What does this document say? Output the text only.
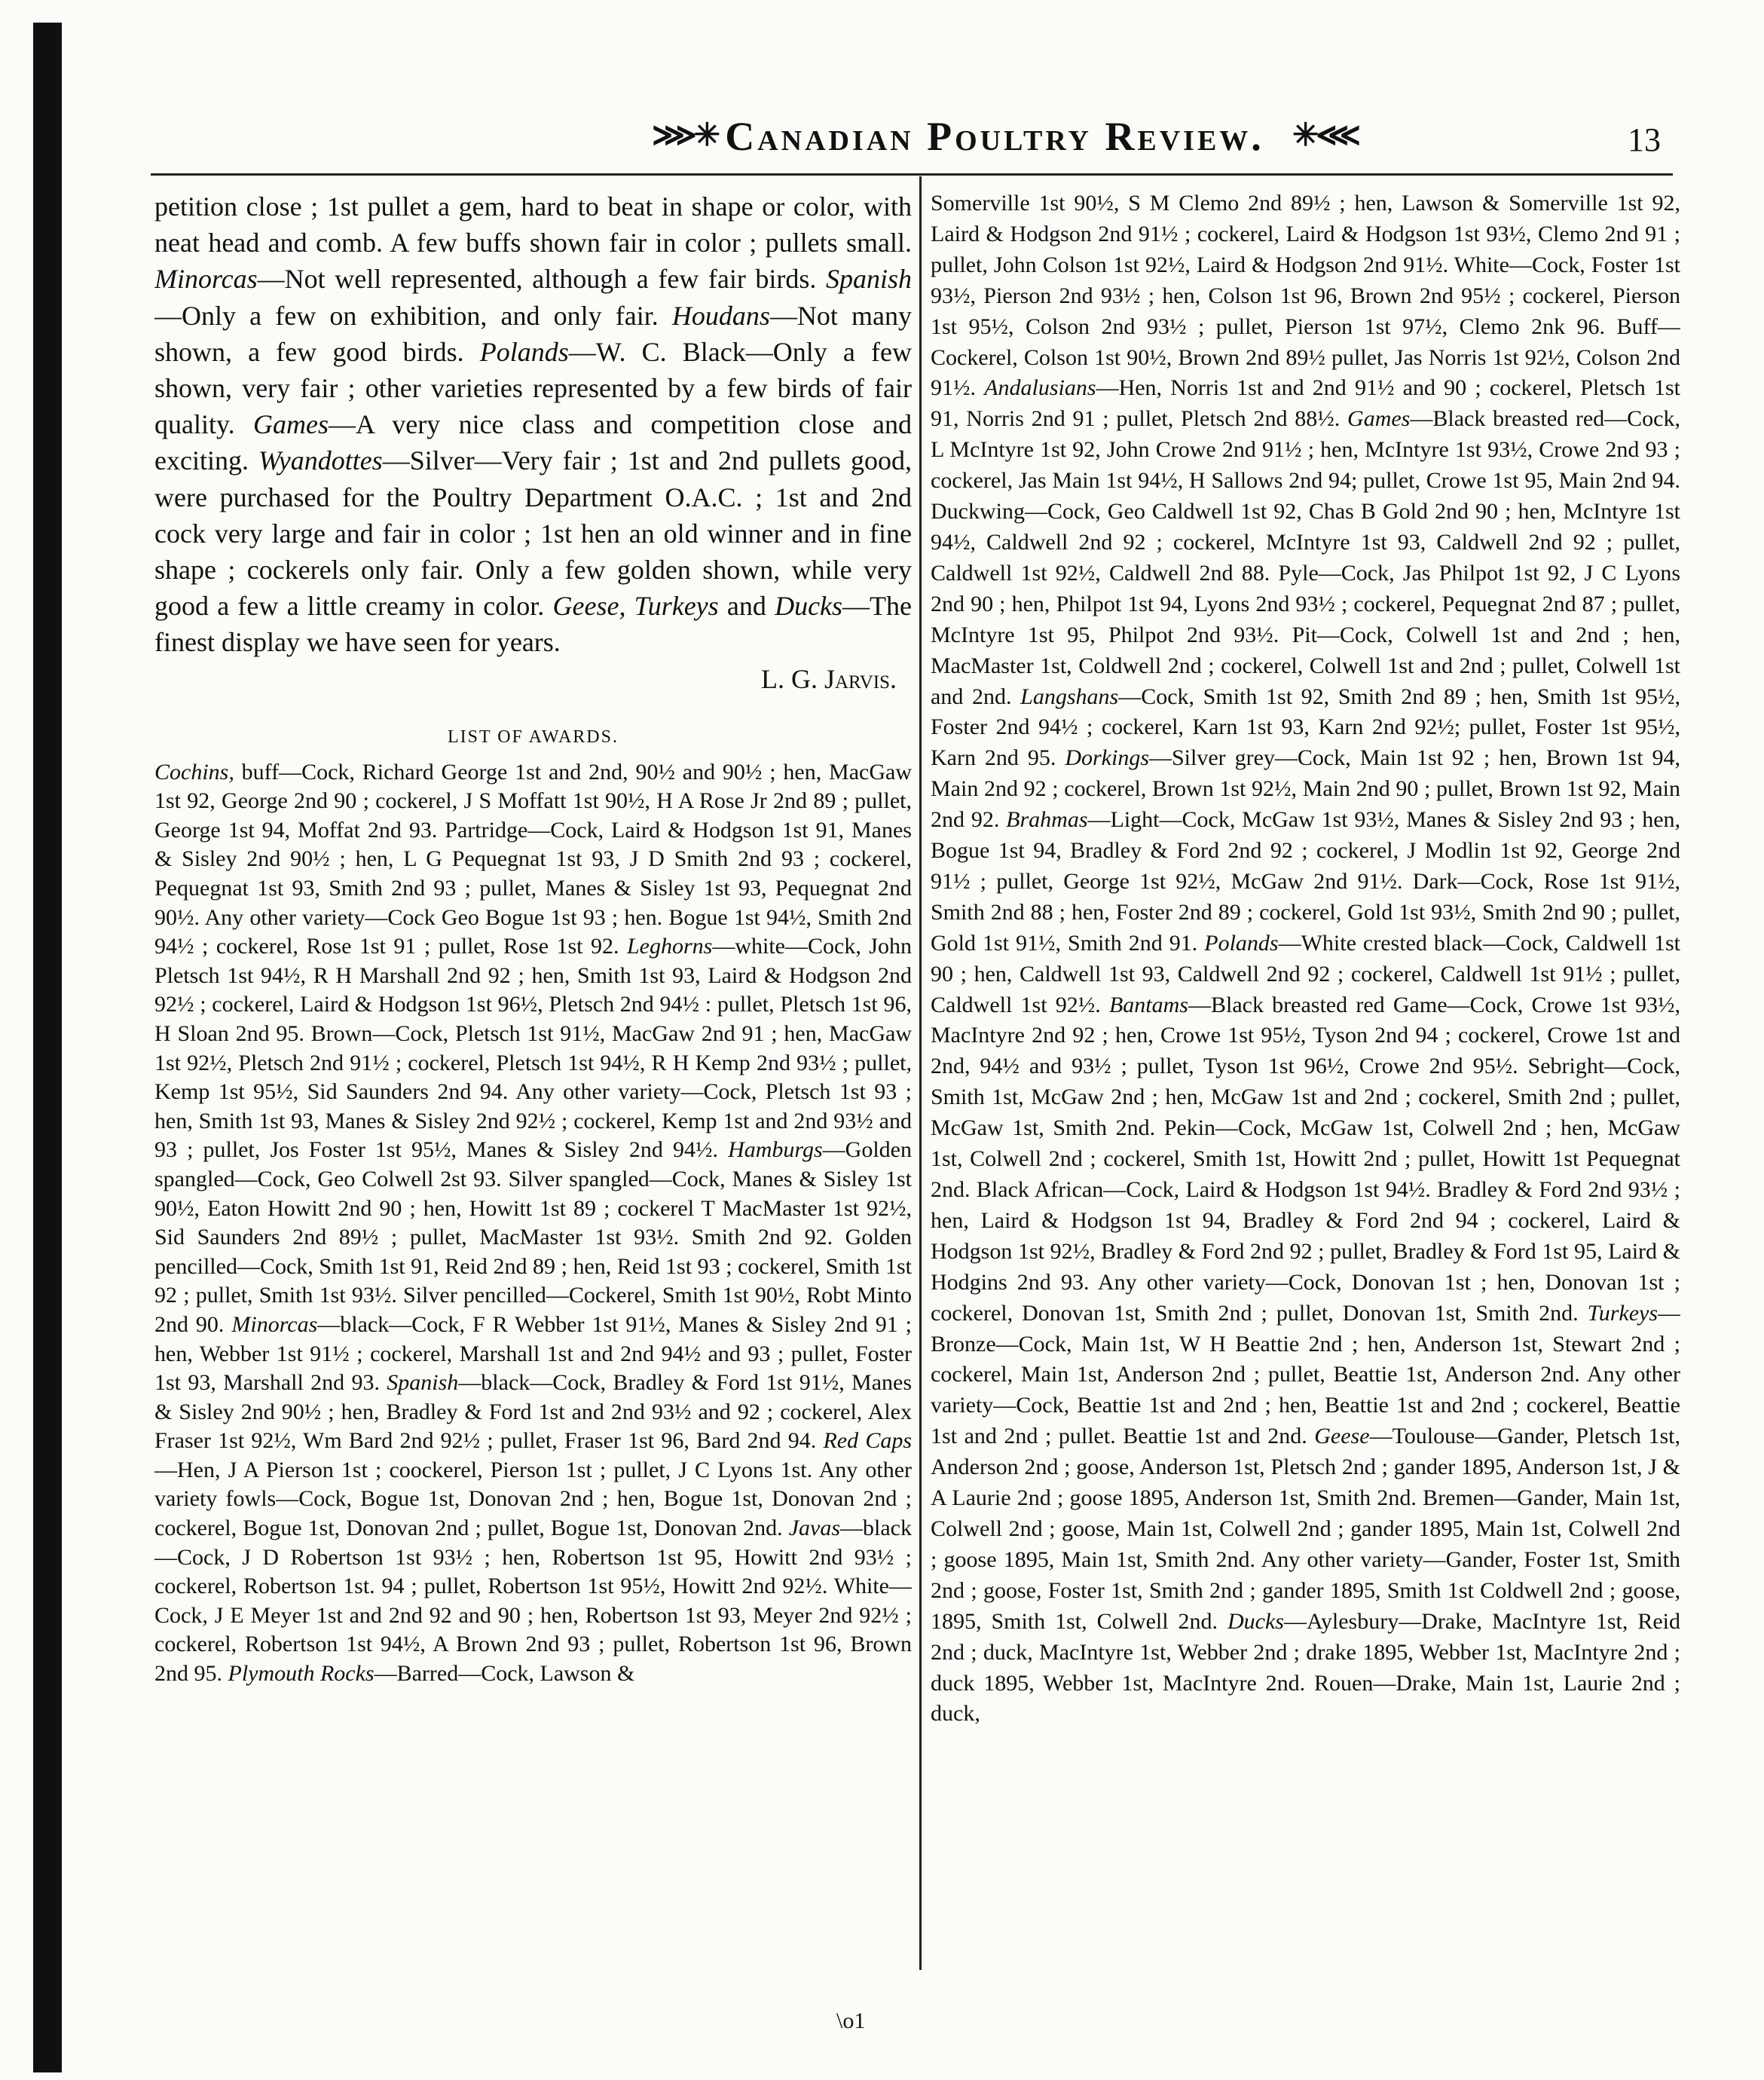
⋙✳ Canadian Poultry Review. ✳⋘	13

petition close ; 1st pullet a gem, hard to beat in shape or color, with neat head and comb. A few buffs shown fair in color ; pullets small. Minorcas—Not well represented, although a few fair birds. Spanish—Only a few on exhibition, and only fair. Houdans—Not many shown, a few good birds. Polands—W. C. Black—Only a few shown, very fair ; other varieties represented by a few birds of fair quality. Games—A very nice class and competition close and exciting. Wyandottes—Silver—Very fair ; 1st and 2nd pullets good, were purchased for the Poultry Department O.A.C. ; 1st and 2nd cock very large and fair in color ; 1st hen an old winner and in fine shape ; cockerels only fair. Only a few golden shown, while very good a few a little creamy in color. Geese, Turkeys and Ducks—The finest display we have seen for years.

L. G. Jarvis.

LIST OF AWARDS.

Cochins, buff—Cock, Richard George 1st and 2nd, 90½ and 90½ ; hen, MacGaw 1st 92, George 2nd 90 ; cockerel, J S Moffatt 1st 90½, H A Rose Jr 2nd 89 ; pullet, George 1st 94, Moffat 2nd 93. Partridge—Cock, Laird & Hodgson 1st 91, Manes & Sisley 2nd 90½ ; hen, L G Pequegnat 1st 93, J D Smith 2nd 93 ; cockerel, Pequegnat 1st 93, Smith 2nd 93 ; pullet, Manes & Sisley 1st 93, Pequegnat 2nd 90½. Any other variety—Cock Geo Bogue 1st 93 ; hen. Bogue 1st 94½, Smith 2nd 94½ ; cockerel, Rose 1st 91 ; pullet, Rose 1st 92. Leghorns—white—Cock, John Pletsch 1st 94½, R H Marshall 2nd 92 ; hen, Smith 1st 93, Laird & Hodgson 2nd 92½ ; cockerel, Laird & Hodgson 1st 96½, Pletsch 2nd 94½ : pullet, Pletsch 1st 96, H Sloan 2nd 95. Brown—Cock, Pletsch 1st 91½, MacGaw 2nd 91 ; hen, MacGaw 1st 92½, Pletsch 2nd 91½ ; cockerel, Pletsch 1st 94½, R H Kemp 2nd 93½ ; pullet, Kemp 1st 95½, Sid Saunders 2nd 94. Any other variety—Cock, Pletsch 1st 93 ; hen, Smith 1st 93, Manes & Sisley 2nd 92½ ; cockerel, Kemp 1st and 2nd 93½ and 93 ; pullet, Jos Foster 1st 95½, Manes & Sisley 2nd 94½. Hamburgs—Golden spangled—Cock, Geo Colwell 2st 93. Silver spangled—Cock, Manes & Sisley 1st 90½, Eaton Howitt 2nd 90 ; hen, Howitt 1st 89 ; cockerel T MacMaster 1st 92½, Sid Saunders 2nd 89½ ; pullet, MacMaster 1st 93½. Smith 2nd 92. Golden pencilled—Cock, Smith 1st 91, Reid 2nd 89 ; hen, Reid 1st 93 ; cockerel, Smith 1st 92 ; pullet, Smith 1st 93½. Silver pencilled—Cockerel, Smith 1st 90½, Robt Minto 2nd 90. Minorcas—black—Cock, F R Webber 1st 91½, Manes & Sisley 2nd 91 ; hen, Webber 1st 91½ ; cockerel, Marshall 1st and 2nd 94½ and 93 ; pullet, Foster 1st 93, Marshall 2nd 93. Spanish—black—Cock, Bradley & Ford 1st 91½, Manes & Sisley 2nd 90½ ; hen, Bradley & Ford 1st and 2nd 93½ and 92 ; cockerel, Alex Fraser 1st 92½, Wm Bard 2nd 92½ ; pullet, Fraser 1st 96, Bard 2nd 94. Red Caps—Hen, J A Pierson 1st ; coockerel, Pierson 1st ; pullet, J C Lyons 1st. Any other variety fowls—Cock, Bogue 1st, Donovan 2nd ; hen, Bogue 1st, Donovan 2nd ; cockerel, Bogue 1st, Donovan 2nd ; pullet, Bogue 1st, Donovan 2nd. Javas—black—Cock, J D Robertson 1st 93½ ; hen, Robertson 1st 95, Howitt 2nd 93½ ; cockerel, Robertson 1st. 94 ; pullet, Robertson 1st 95½, Howitt 2nd 92½. White—Cock, J E Meyer 1st and 2nd 92 and 90 ; hen, Robertson 1st 93, Meyer 2nd 92½ ; cockerel, Robertson 1st 94½, A Brown 2nd 93 ; pullet, Robertson 1st 96, Brown 2nd 95. Plymouth Rocks—Barred—Cock, Lawson &

Somerville 1st 90½, S M Clemo 2nd 89½ ; hen, Lawson & Somerville 1st 92, Laird & Hodgson 2nd 91½ ; cockerel, Laird & Hodgson 1st 93½, Clemo 2nd 91 ; pullet, John Colson 1st 92½, Laird & Hodgson 2nd 91½. White—Cock, Foster 1st 93½, Pierson 2nd 93½ ; hen, Colson 1st 96, Brown 2nd 95½ ; cockerel, Pierson 1st 95½, Colson 2nd 93½ ; pullet, Pierson 1st 97½, Clemo 2nk 96. Buff—Cockerel, Colson 1st 90½, Brown 2nd 89½ pullet, Jas Norris 1st 92½, Colson 2nd 91½. Andalusians—Hen, Norris 1st and 2nd 91½ and 90 ; cockerel, Pletsch 1st 91, Norris 2nd 91 ; pullet, Pletsch 2nd 88½. Games—Black breasted red—Cock, L McIntyre 1st 92, John Crowe 2nd 91½ ; hen, McIntyre 1st 93½, Crowe 2nd 93 ; cockerel, Jas Main 1st 94½, H Sallows 2nd 94; pullet, Crowe 1st 95, Main 2nd 94. Duckwing—Cock, Geo Caldwell 1st 92, Chas B Gold 2nd 90 ; hen, McIntyre 1st 94½, Caldwell 2nd 92 ; cockerel, McIntyre 1st 93, Caldwell 2nd 92 ; pullet, Caldwell 1st 92½, Caldwell 2nd 88. Pyle—Cock, Jas Philpot 1st 92, J C Lyons 2nd 90 ; hen, Philpot 1st 94, Lyons 2nd 93½ ; cockerel, Pequegnat 2nd 87 ; pullet, McIntyre 1st 95, Philpot 2nd 93½. Pit—Cock, Colwell 1st and 2nd ; hen, MacMaster 1st, Coldwell 2nd ; cockerel, Colwell 1st and 2nd ; pullet, Colwell 1st and 2nd. Langshans—Cock, Smith 1st 92, Smith 2nd 89 ; hen, Smith 1st 95½, Foster 2nd 94½ ; cockerel, Karn 1st 93, Karn 2nd 92½; pullet, Foster 1st 95½, Karn 2nd 95. Dorkings—Silver grey—Cock, Main 1st 92 ; hen, Brown 1st 94, Main 2nd 92 ; cockerel, Brown 1st 92½, Main 2nd 90 ; pullet, Brown 1st 92, Main 2nd 92. Brahmas—Light—Cock, McGaw 1st 93½, Manes & Sisley 2nd 93 ; hen, Bogue 1st 94, Bradley & Ford 2nd 92 ; cockerel, J Modlin 1st 92, George 2nd 91½ ; pullet, George 1st 92½, McGaw 2nd 91½. Dark—Cock, Rose 1st 91½, Smith 2nd 88 ; hen, Foster 2nd 89 ; cockerel, Gold 1st 93½, Smith 2nd 90 ; pullet, Gold 1st 91½, Smith 2nd 91. Polands—White crested black—Cock, Caldwell 1st 90 ; hen, Caldwell 1st 93, Caldwell 2nd 92 ; cockerel, Caldwell 1st 91½ ; pullet, Caldwell 1st 92½. Bantams—Black breasted red Game—Cock, Crowe 1st 93½, MacIntyre 2nd 92 ; hen, Crowe 1st 95½, Tyson 2nd 94 ; cockerel, Crowe 1st and 2nd, 94½ and 93½ ; pullet, Tyson 1st 96½, Crowe 2nd 95½. Sebright—Cock, Smith 1st, McGaw 2nd ; hen, McGaw 1st and 2nd ; cockerel, Smith 2nd ; pullet, McGaw 1st, Smith 2nd. Pekin—Cock, McGaw 1st, Colwell 2nd ; hen, McGaw 1st, Colwell 2nd ; cockerel, Smith 1st, Howitt 2nd ; pullet, Howitt 1st Pequegnat 2nd. Black African—Cock, Laird & Hodgson 1st 94½. Bradley & Ford 2nd 93½ ; hen, Laird & Hodgson 1st 94, Bradley & Ford 2nd 94 ; cockerel, Laird & Hodgson 1st 92½, Bradley & Ford 2nd 92 ; pullet, Bradley & Ford 1st 95, Laird & Hodgins 2nd 93. Any other variety—Cock, Donovan 1st ; hen, Donovan 1st ; cockerel, Donovan 1st, Smith 2nd ; pullet, Donovan 1st, Smith 2nd. Turkeys—Bronze—Cock, Main 1st, W H Beattie 2nd ; hen, Anderson 1st, Stewart 2nd ; cockerel, Main 1st, Anderson 2nd ; pullet, Beattie 1st, Anderson 2nd. Any other variety—Cock, Beattie 1st and 2nd ; hen, Beattie 1st and 2nd ; cockerel, Beattie 1st and 2nd ; pullet. Beattie 1st and 2nd. Geese—Toulouse—Gander, Pletsch 1st, Anderson 2nd ; goose, Anderson 1st, Pletsch 2nd ; gander 1895, Anderson 1st, J & A Laurie 2nd ; goose 1895, Anderson 1st, Smith 2nd. Bremen—Gander, Main 1st, Colwell 2nd ; goose, Main 1st, Colwell 2nd ; gander 1895, Main 1st, Colwell 2nd ; goose 1895, Main 1st, Smith 2nd. Any other variety—Gander, Foster 1st, Smith 2nd ; goose, Foster 1st, Smith 2nd ; gander 1895, Smith 1st Coldwell 2nd ; goose, 1895, Smith 1st, Colwell 2nd. Ducks—Aylesbury—Drake, MacIntyre 1st, Reid 2nd ; duck, MacIntyre 1st, Webber 2nd ; drake 1895, Webber 1st, MacIntyre 2nd ; duck 1895, Webber 1st, MacIntyre 2nd. Rouen—Drake, Main 1st, Laurie 2nd ; duck,

\o1
